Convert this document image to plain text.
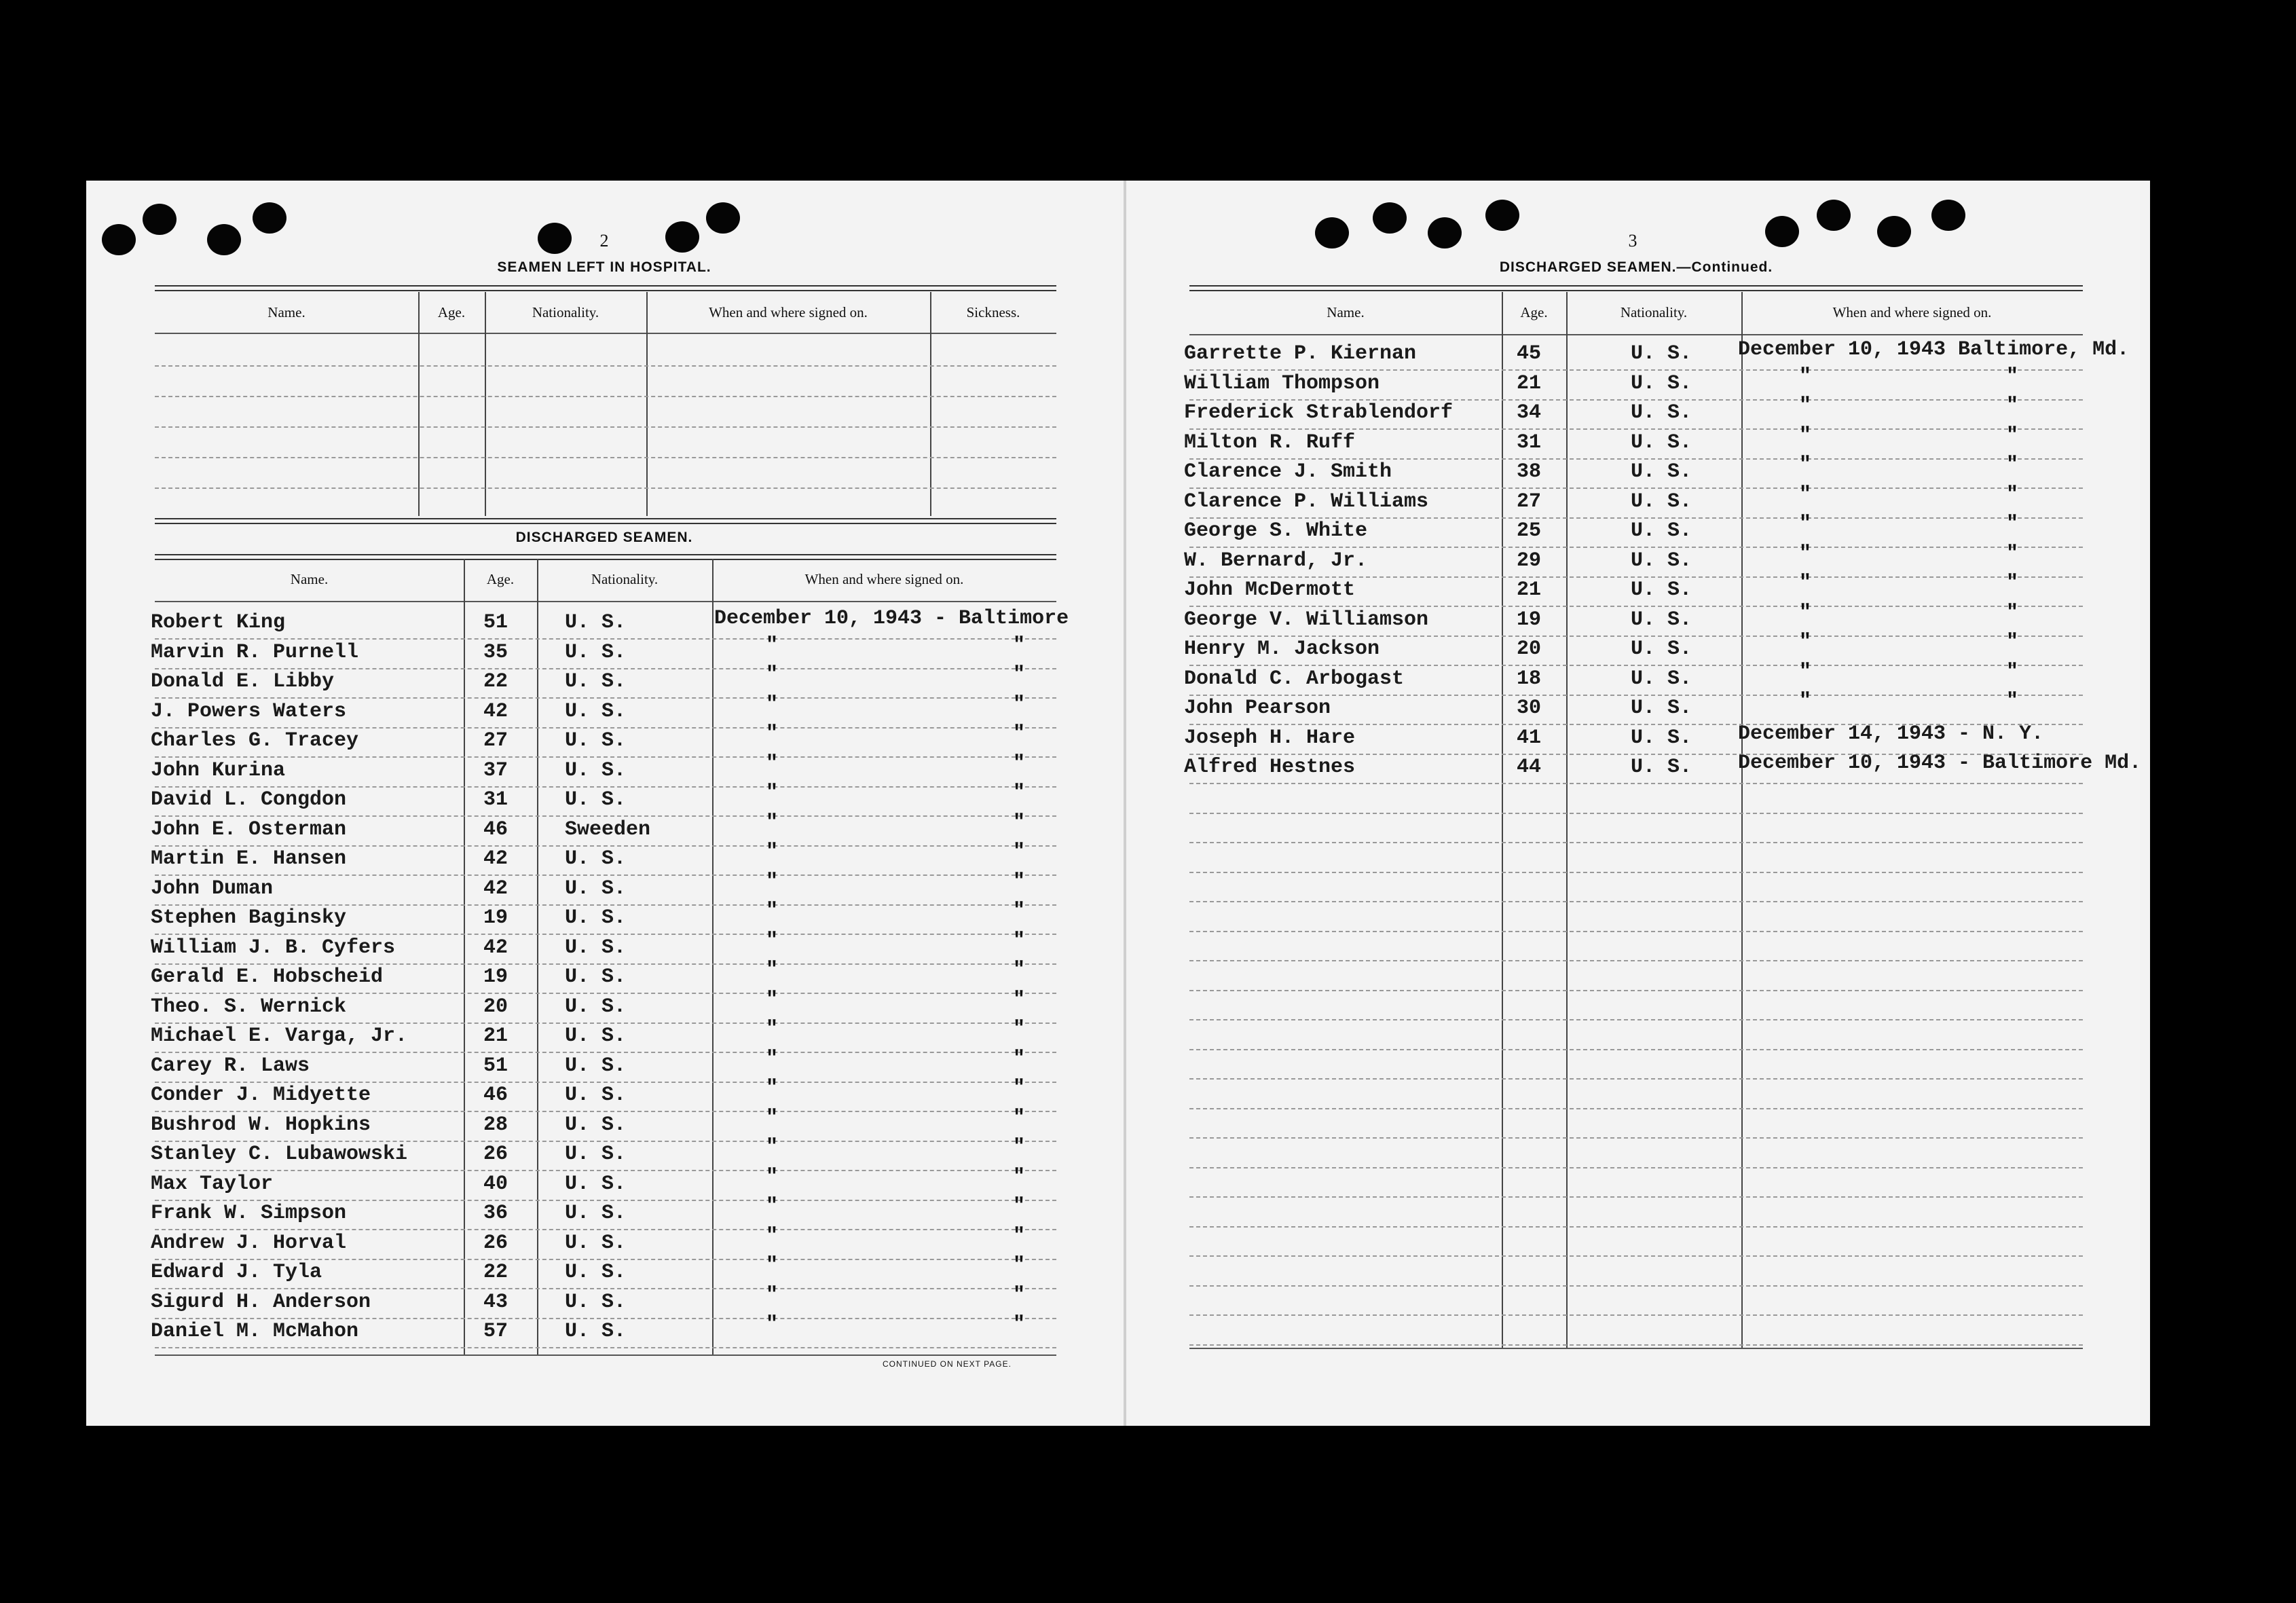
2
SEAMEN LEFT IN HOSPITAL.
Name.	Age.	Nationality.	When and where signed on.	Sickness.
DISCHARGED SEAMEN.
Name.	Age.	Nationality.	When and where signed on.
Robert King	51	U. S.	December 10, 1943 - Baltimore
Marvin R. Purnell	35	U. S.	"	"
Donald E. Libby	22	U. S.	"	"
J. Powers Waters	42	U. S.	"	"
Charles G. Tracey	27	U. S.	"	"
John Kurina	37	U. S.	"	"
David L. Congdon	31	U. S.	"	"
John E. Osterman	46	Sweeden	"	"
Martin E. Hansen	42	U. S.	"	"
John Duman	42	U. S.	"	"
Stephen Baginsky	19	U. S.	"	"
William J. B. Cyfers	42	U. S.	"	"
Gerald E. Hobscheid	19	U. S.	"	"
Theo. S. Wernick	20	U. S.	"	"
Michael E. Varga, Jr.	21	U. S.	"	"
Carey R. Laws	51	U. S.	"	"
Conder J. Midyette	46	U. S.	"	"
Bushrod W. Hopkins	28	U. S.	"	"
Stanley C. Lubawowski	26	U. S.	"	"
Max Taylor	40	U. S.	"	"
Frank W. Simpson	36	U. S.	"	"
Andrew J. Horval	26	U. S.	"	"
Edward J. Tyla	22	U. S.	"	"
Sigurd H. Anderson	43	U. S.	"	"
Daniel M. McMahon	57	U. S.	"	"
CONTINUED ON NEXT PAGE.
3
DISCHARGED SEAMEN.—Continued.
Name.	Age.	Nationality.	When and where signed on.
Garrette P. Kiernan	45	U. S. December 10, 1943 Baltimore, Md.
William Thompson	21	U. S.	"	"
Frederick Strablendorf	34	U. S.	"	"
Milton R. Ruff	31	U. S.	"	"
Clarence J. Smith	38	U. S.	"	"
Clarence P. Williams	27	U. S.	"	"
George S. White	25	U. S.	"	"
W. Bernard, Jr.	29	U. S.	"	"
John McDermott	21	U. S.	"	"
George V. Williamson	19	U. S.	"	"
Henry M. Jackson	20	U. S.	"	"
Donald C. Arbogast	18	U. S.	"	"
John Pearson	30	U. S.	"	"
Joseph H. Hare	41	U. S. December 14, 1943 - N. Y.
Alfred Hestnes	44	U. S. December 10, 1943 - Baltimore Md.
